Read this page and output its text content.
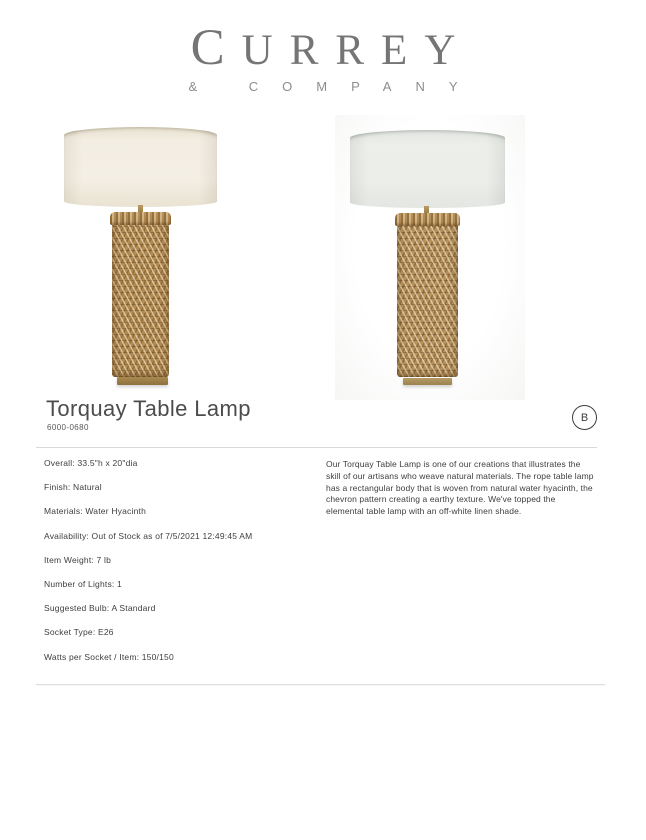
CURREY
& COMPANY
Torquay Table Lamp
6000-0680
B
Overall: 33.5"h x 20"dia
Finish: Natural
Materials: Water Hyacinth
Availability: Out of Stock as of 7/5/2021 12:49:45 AM
Item Weight: 7 lb
Number of Lights: 1
Suggested Bulb: A Standard
Socket Type: E26
Watts per Socket / Item: 150/150
Our Torquay Table Lamp is one of our creations that illustrates the skill of our artisans who weave natural materials. The rope table lamp has a rectangular body that is woven from natural water hyacinth, the chevron pattern creating a earthy texture. We've topped the elemental table lamp with an off-white linen shade.
